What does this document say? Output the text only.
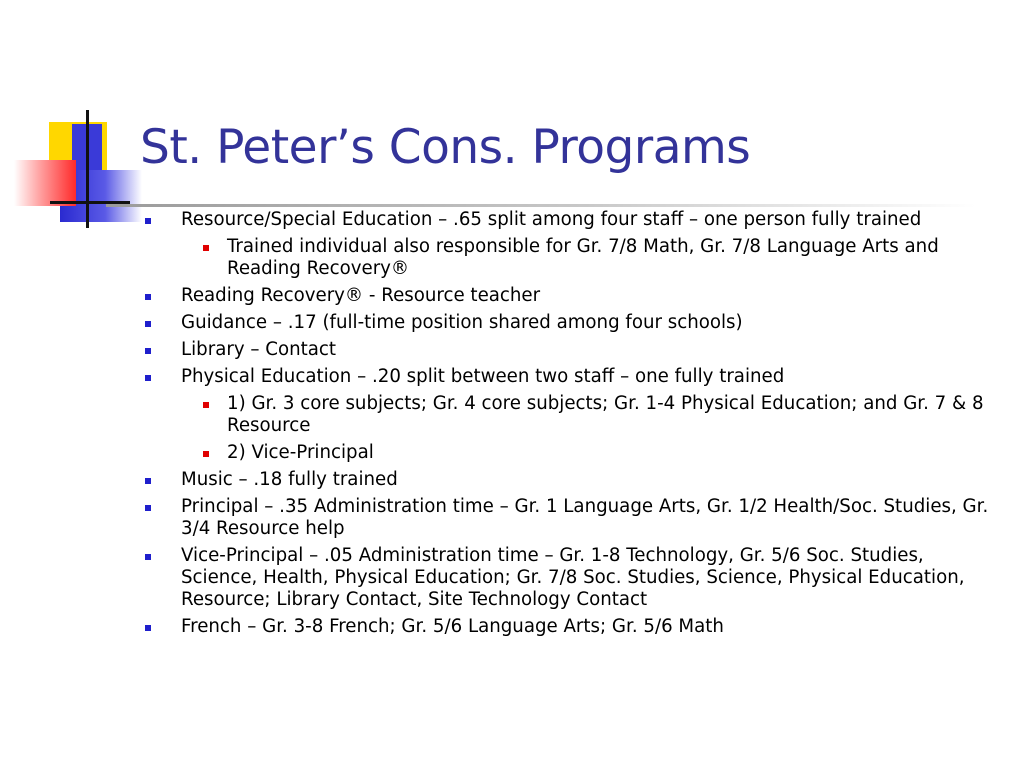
St. Peter’s Cons. Programs
Resource/Special Education – .65 split among four staff – one person fully trained
Trained individual also responsible for Gr. 7/8 Math, Gr. 7/8 Language Arts and Reading Recovery®
Reading Recovery® - Resource teacher
Guidance – .17 (full-time position shared among four schools)
Library – Contact
Physical Education – .20 split between two staff – one fully trained
1) Gr. 3 core subjects; Gr. 4 core subjects; Gr. 1-4 Physical Education; and Gr. 7 & 8 Resource
2) Vice-Principal
Music – .18 fully trained
Principal – .35 Administration time – Gr. 1 Language Arts, Gr. 1/2 Health/Soc. Studies, Gr. 3/4 Resource help
Vice-Principal – .05 Administration time – Gr. 1-8 Technology, Gr. 5/6 Soc. Studies, Science, Health, Physical Education; Gr. 7/8 Soc. Studies, Science, Physical Education, Resource; Library Contact, Site Technology Contact
French – Gr. 3-8 French; Gr. 5/6 Language Arts; Gr. 5/6 Math
